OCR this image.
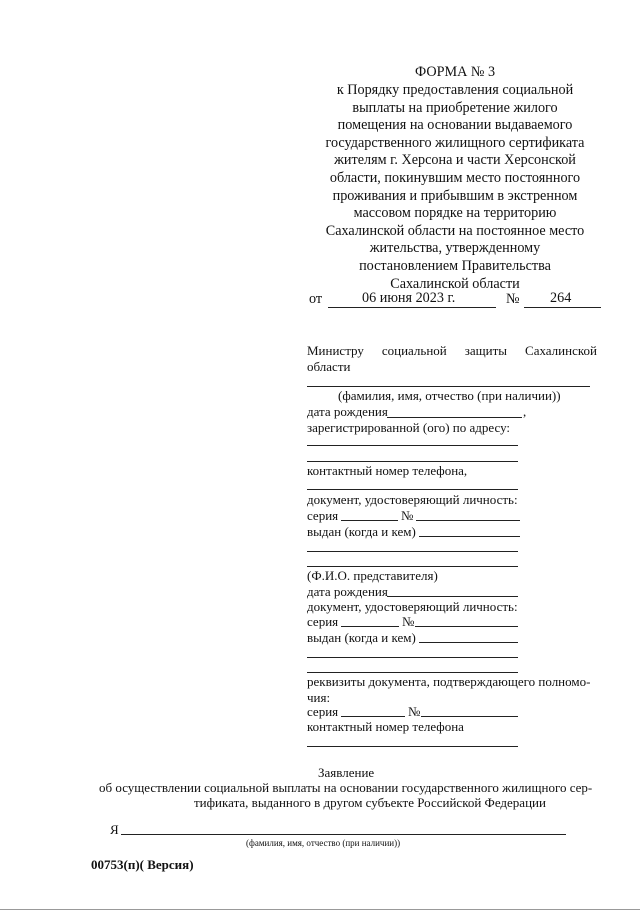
ФОРМА № 3
к Порядку предоставления социальной
выплаты на приобретение жилого
помещения на основании выдаваемого
государственного жилищного сертификата
жителям г. Херсона и части Херсонской
области, покинувшим место постоянного
проживания и прибывшим в экстренном
массовом порядке на территорию
Сахалинской области на постоянное место
жительства, утвержденному
постановлением Правительства
Сахалинской области
от	06 июня 2023 г.	№ 264
Министру социальной защиты Сахалинской
области
(фамилия, имя, отчество (при наличии))
дата рождения	,
зарегистрированной (ого) по адресу:
контактный номер телефона,
документ, удостоверяющий личность:
серия	№
выдан (когда и кем)
(Ф.И.О. представителя)
дата рождения
документ, удостоверяющий личность:
серия	№
выдан (когда и кем)
реквизиты документа, подтверждающего полномо-
чия:
серия	№
контактный номер телефона
Заявление
об осуществлении социальной выплаты на основании государственного жилищного сер-
тификата, выданного в другом субъекте Российской Федерации
Я
(фамилия, имя, отчество (при наличии))
00753(п)( Версия)
